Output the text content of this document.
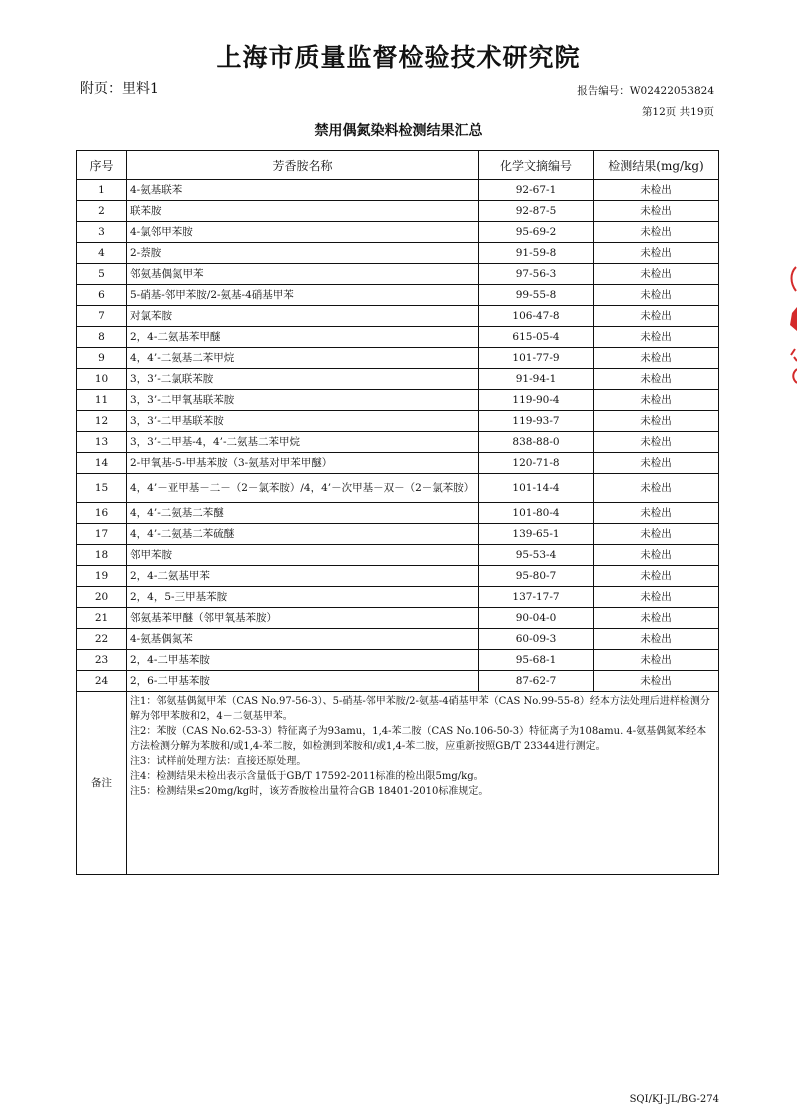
上海市质量监督检验技术研究院
附页：里料1	报告编号：W02422053824
第12页 共19页
禁用偶氮染料检测结果汇总
序号	芳香胺名称	化学文摘编号	检测结果(mg/kg)
1	4-氨基联苯	92-67-1	未检出
2	联苯胺	92-87-5	未检出
3	4-氯邻甲苯胺	95-69-2	未检出
4	2-萘胺	91-59-8	未检出
5	邻氨基偶氮甲苯	97-56-3	未检出
6	5-硝基-邻甲苯胺/2-氨基-4硝基甲苯	99-55-8	未检出
7	对氯苯胺	106-47-8	未检出
8	2，4-二氨基苯甲醚	615-05-4	未检出
9	4，4’-二氨基二苯甲烷	101-77-9	未检出
10	3，3’-二氯联苯胺	91-94-1	未检出
11	3，3’-二甲氧基联苯胺	119-90-4	未检出
12	3，3’-二甲基联苯胺	119-93-7	未检出
13	3，3’-二甲基-4，4’-二氨基二苯甲烷	838-88-0	未检出
14	2-甲氧基-5-甲基苯胺（3-氨基对甲苯甲醚）	120-71-8	未检出
15	4，4’－亚甲基－二－（2－氯苯胺）/4，4’－次甲基－双－（2－氯苯胺）	101-14-4	未检出
16	4，4’-二氨基二苯醚	101-80-4	未检出
17	4，4’-二氨基二苯硫醚	139-65-1	未检出
18	邻甲苯胺	95-53-4	未检出
19	2，4-二氨基甲苯	95-80-7	未检出
20	2，4，5-三甲基苯胺	137-17-7	未检出
21	邻氨基苯甲醚（邻甲氧基苯胺）	90-04-0	未检出
22	4-氨基偶氮苯	60-09-3	未检出
23	2，4-二甲基苯胺	95-68-1	未检出
24	2，6-二甲基苯胺	87-62-7	未检出
备注	注1：邻氨基偶氮甲苯（CAS No.97-56-3）、5-硝基-邻甲苯胺/2-氨基-4硝基甲苯（CAS No.99-55-8）经本方法处理后进样检测分解为邻甲苯胺和2，4－二氨基甲苯。
注2：苯胺（CAS No.62-53-3）特征离子为93amu，1,4-苯二胺（CAS No.106-50-3）特征离子为108amu. 4-氨基偶氮苯经本方法检测分解为苯胺和/或1,4-苯二胺，如检测到苯胺和/或1,4-苯二胺，应重新按照GB/T 23344进行测定。
注3：试样前处理方法：直接还原处理。
注4：检测结果未检出表示含量低于GB/T 17592-2011标准的检出限5mg/kg。
注5：检测结果≤20mg/kg时，该芳香胺检出量符合GB 18401-2010标准规定。		
SQI/KJ-JL/BG-274
